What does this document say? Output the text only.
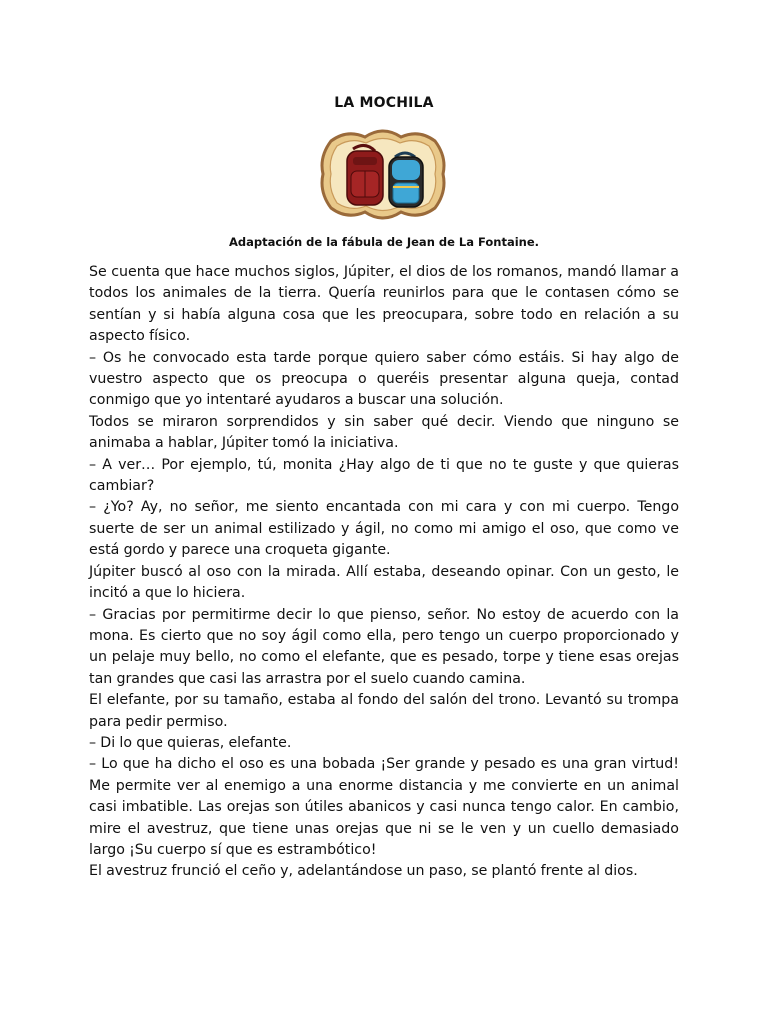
LA MOCHILA
Adaptación de la fábula de Jean de La Fontaine.

Se cuenta que hace muchos siglos, Júpiter, el dios de los romanos, mandó llamar a todos los animales de la tierra. Quería reunirlos para que le contasen cómo se sentían y si había alguna cosa que les preocupara, sobre todo en relación a su aspecto físico.

– Os he convocado esta tarde porque quiero saber cómo estáis. Si hay algo de vuestro aspecto que os preocupa o queréis presentar alguna queja, contad conmigo que yo intentaré ayudaros a buscar una solución.

Todos se miraron sorprendidos y sin saber qué decir. Viendo que ninguno se animaba a hablar, Júpiter tomó la iniciativa.

– A ver… Por ejemplo, tú, monita ¿Hay algo de ti que no te guste y que quieras cambiar?

– ¿Yo? Ay, no señor, me siento encantada con mi cara y con mi cuerpo. Tengo suerte de ser un animal estilizado y ágil, no como mi amigo el oso, que como ve está gordo y parece una croqueta gigante.

Júpiter buscó al oso con la mirada. Allí estaba, deseando opinar. Con un gesto, le incitó a que lo hiciera.

– Gracias por permitirme decir lo que pienso, señor. No estoy de acuerdo con la mona. Es cierto que no soy ágil como ella, pero tengo un cuerpo proporcionado y un pelaje muy bello, no como el elefante, que es pesado, torpe y tiene esas orejas tan grandes que casi las arrastra por el suelo cuando camina.

El elefante, por su tamaño, estaba al fondo del salón del trono. Levantó su trompa para pedir permiso.

– Di lo que quieras, elefante.

– Lo que ha dicho el oso es una bobada ¡Ser grande y pesado es una gran virtud! Me permite ver al enemigo a una enorme distancia y me convierte en un animal casi imbatible. Las orejas son útiles abanicos y casi nunca tengo calor. En cambio, mire el avestruz, que tiene unas orejas que ni se le ven y un cuello demasiado largo ¡Su cuerpo sí que es estrambótico!

El avestruz frunció el ceño y, adelantándose un paso, se plantó frente al dios.
